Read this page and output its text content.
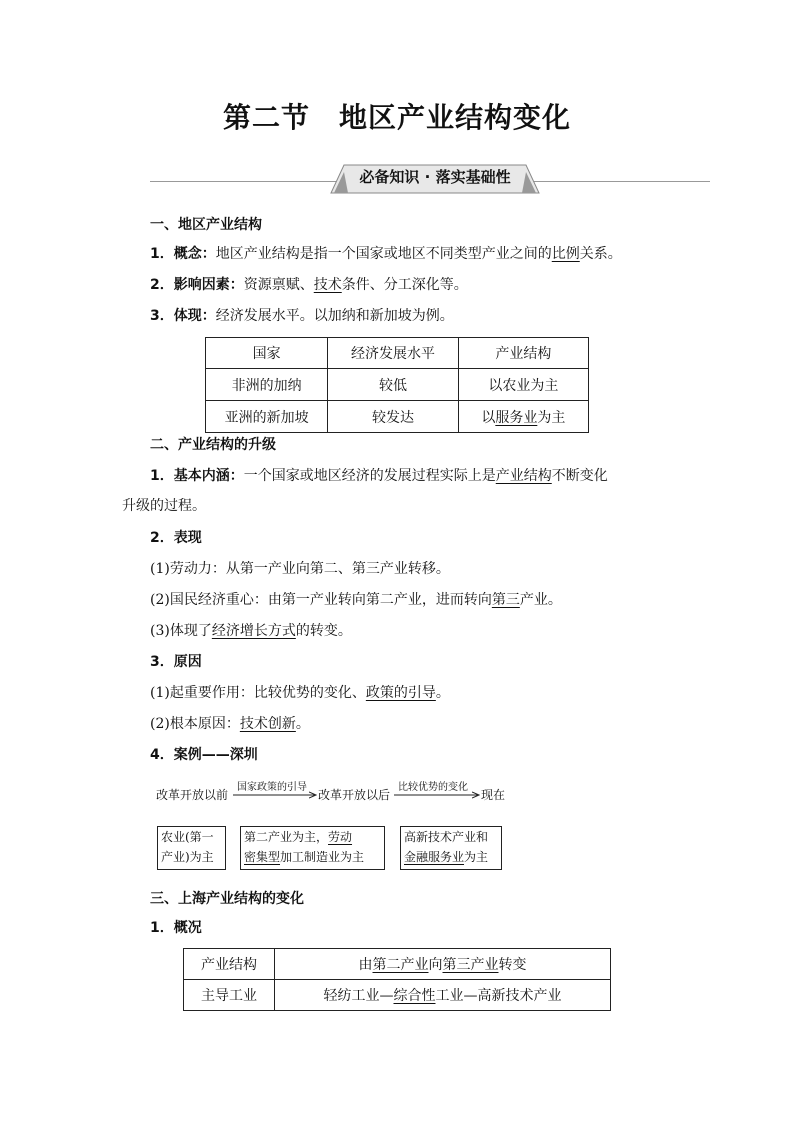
第二节　地区产业结构变化
必备知识 · 落实基础性
一、地区产业结构
1．概念：地区产业结构是指一个国家或地区不同类型产业之间的比例关系。
2．影响因素：资源禀赋、技术条件、分工深化等。
3．体现：经济发展水平。以加纳和新加坡为例。
国家	经济发展水平	产业结构
非洲的加纳	较低	以农业为主
亚洲的新加坡	较发达	以服务业为主
二、产业结构的升级
1．基本内涵：一个国家或地区经济的发展过程实际上是产业结构不断变化
升级的过程。
2．表现
(1)劳动力：从第一产业向第二、第三产业转移。
(2)国民经济重心：由第一产业转向第二产业，进而转向第三产业。
(3)体现了经济增长方式的转变。
3．原因
(1)起重要作用：比较优势的变化、政策的引导。
(2)根本原因：技术创新。
4．案例——深圳
改革开放以前
国家政策的引导
改革开放以后
比较优势的变化
现在
农业(第一
产业)为主
第二产业为主，劳动
密集型加工制造业为主
高新技术产业和
金融服务业为主
三、上海产业结构的变化
1．概况
产业结构	由第二产业向第三产业转变
主导工业	轻纺工业—综合性工业—高新技术产业
